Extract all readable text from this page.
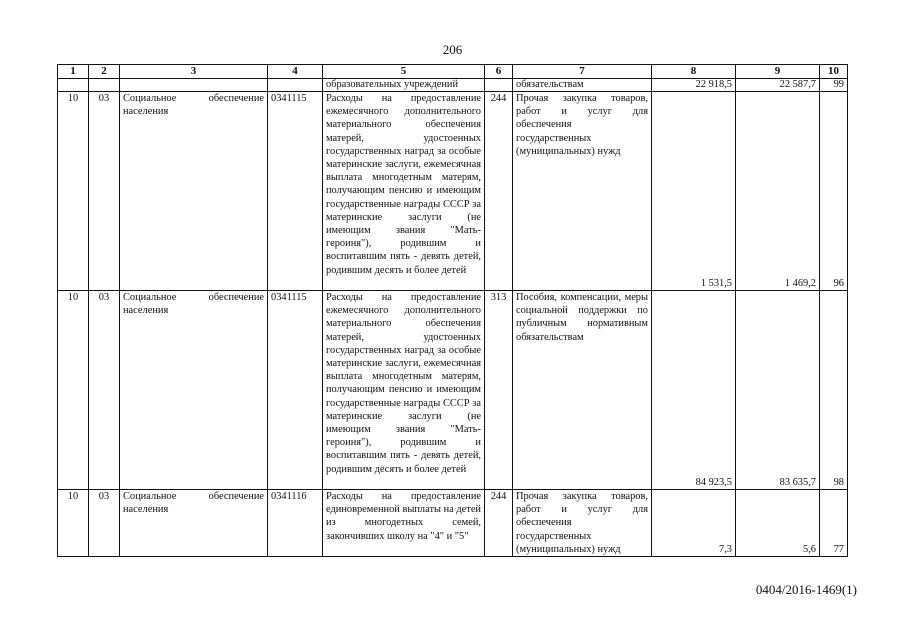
206
1	2	3	4	5	6	7	8	9	10
				образовательных учреждений		обязательствам	22 918,5	22 587,7	99
10	03	Социальное обеспечение населения	0341115	Расходы на предоставление ежемесячного дополнительного материального обеспечения матерей, удостоенных государственных наград за особые материнские заслуги, ежемесячная выплата многодетным матерям, получающим пенсию и имеющим государственные награды СССР за материнские заслуги (не имеющим звания "Мать-героиня"), родившим и воспитавшим пять - девять детей, родившим десять и более детей	244	Прочая закупка товаров, работ и услуг для обеспечения государственных (муниципальных) нужд	1 531,5	1 469,2	96
10	03	Социальное обеспечение населения	0341115	Расходы на предоставление ежемесячного дополнительного материального обеспечения матерей, удостоенных государственных наград за особые материнские заслуги, ежемесячная выплата многодетным матерям, получающим пенсию и имеющим государственные награды СССР за материнские заслуги (не имеющим звания "Мать-героиня"), родившим и воспитавшим пять - девять детей, родившим десять и более детей	313	Пособия, компенсации, меры социальной поддержки по публичным нормативным обязательствам	84 923,5	83 635,7	98
10	03	Социальное обеспечение населения	0341116	Расходы на предоставление единовременной выплаты на детей из многодетных семей, закончивших школу на "4" и "5"	244	Прочая закупка товаров, работ и услуг для обеспечения государственных (муниципальных) нужд	7,3	5,6	77
0404/2016-1469(1)
